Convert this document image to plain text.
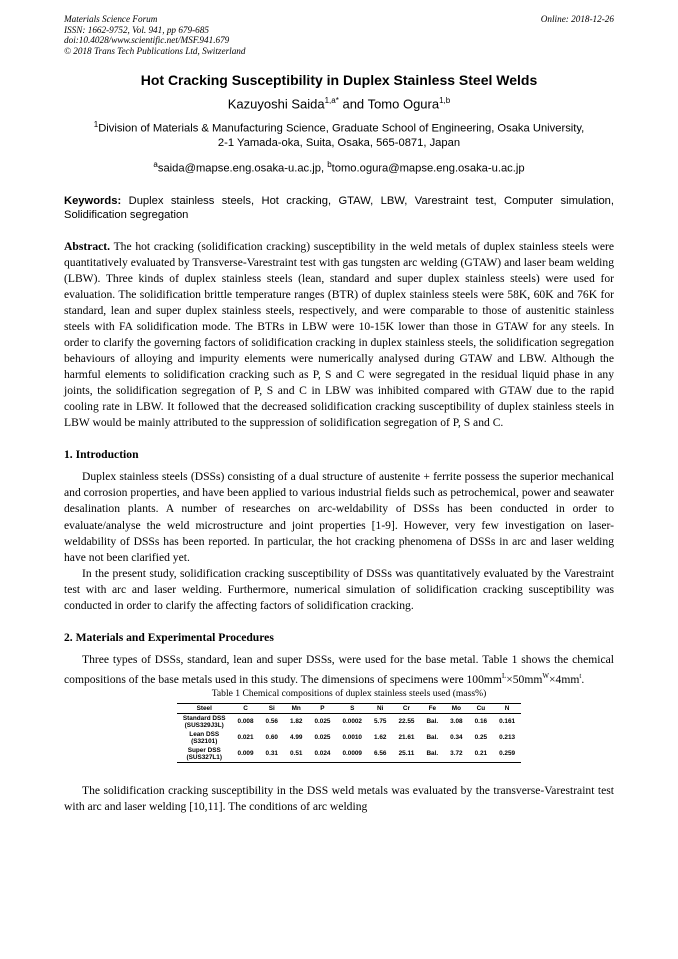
Materials Science Forum
ISSN: 1662-9752, Vol. 941, pp 679-685
doi:10.4028/www.scientific.net/MSF.941.679
© 2018 Trans Tech Publications Ltd, Switzerland
Online: 2018-12-26
Hot Cracking Susceptibility in Duplex Stainless Steel Welds
Kazuyoshi Saida$^{1,a*}$ and Tomo Ogura$^{1,b}$
$^1$Division of Materials & Manufacturing Science, Graduate School of Engineering, Osaka University,
2-1 Yamada-oka, Suita, Osaka, 565-0871, Japan
$^a$saida@mapse.eng.osaka-u.ac.jp, $^b$tomo.ogura@mapse.eng.osaka-u.ac.jp
Keywords: Duplex stainless steels, Hot cracking, GTAW, LBW, Varestraint test, Computer simulation, Solidification segregation
Abstract. The hot cracking (solidification cracking) susceptibility in the weld metals of duplex stainless steels were quantitatively evaluated by Transverse-Varestraint test with gas tungsten arc welding (GTAW) and laser beam welding (LBW). Three kinds of duplex stainless steels (lean, standard and super duplex stainless steels) were used for evaluation. The solidification brittle temperature ranges (BTR) of duplex stainless steels were 58K, 60K and 76K for standard, lean and super duplex stainless steels, respectively, and were comparable to those of austenitic stainless steels with FA solidification mode. The BTRs in LBW were 10-15K lower than those in GTAW for any steels. In order to clarify the governing factors of solidification cracking in duplex stainless steels, the solidification segregation behaviours of alloying and impurity elements were numerically analysed during GTAW and LBW. Although the harmful elements to solidification cracking such as P, S and C were segregated in the residual liquid phase in any joints, the solidification segregation of P, S and C in LBW was inhibited compared with GTAW due to the rapid cooling rate in LBW. It followed that the decreased solidification cracking susceptibility of duplex stainless steels in LBW would be mainly attributed to the suppression of solidification segregation of P, S and C.
1. Introduction
Duplex stainless steels (DSSs) consisting of a dual structure of austenite + ferrite possess the superior mechanical and corrosion properties, and have been applied to various industrial fields such as petrochemical, power and seawater desalination plants. A number of researches on arc-weldability of DSSs has been conducted in order to evaluate/analyse the weld microstructure and joint properties [1-9]. However, very few investigation on laser-weldability of DSSs has been reported. In particular, the hot cracking phenomena of DSSs in arc and laser welding have not been clarified yet.
In the present study, solidification cracking susceptibility of DSSs was quantitatively evaluated by the Varestraint test with arc and laser welding. Furthermore, numerical simulation of solidification cracking susceptibility was conducted in order to clarify the affecting factors of solidification cracking.
2. Materials and Experimental Procedures
Three types of DSSs, standard, lean and super DSSs, were used for the base metal. Table 1 shows the chemical compositions of the base metals used in this study. The dimensions of specimens were $100mm^L\times 50mm^W\times 4mm^t$.
Table 1 Chemical compositions of duplex stainless steels used (mass%)
Steel	C	Si	Mn	P	S	Ni	Cr	Fe	Mo	Cu	N

Standard DSS
(SUS329J3L)	0.008	0.56	1.82	0.025	0.0002	5.75	22.55	Bal.	3.08	0.16	0.161

Lean DSS
(S32101)	0.021	0.60	4.99	0.025	0.0010	1.62	21.61	Bal.	0.34	0.25	0.213

Super DSS
(SUS327L1)	0.009	0.31	0.51	0.024	0.0009	6.56	25.11	Bal.	3.72	0.21	0.259
The solidification cracking susceptibility in the DSS weld metals was evaluated by the transverse-Varestraint test with arc and laser welding [10,11]. The conditions of arc welding
